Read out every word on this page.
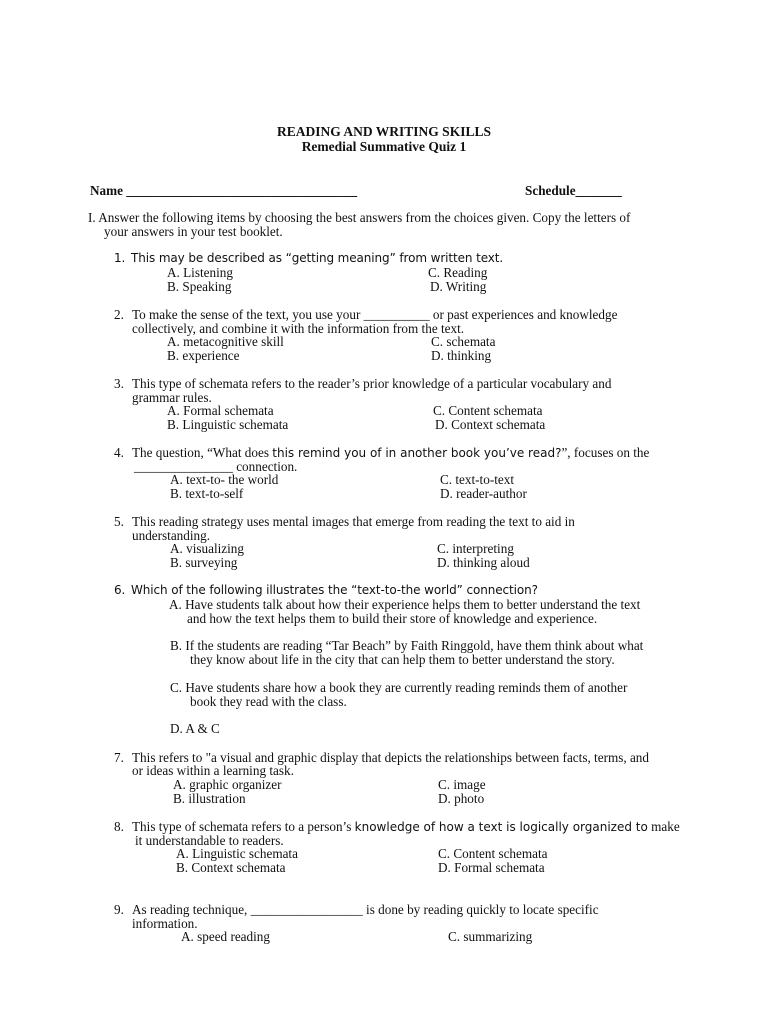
READING AND WRITING SKILLS
Remedial Summative Quiz 1
Name ___________________________________	Schedule_______
I. Answer the following items by choosing the best answers from the choices given. Copy the letters of
your answers in your test booklet.
1. This may be described as “getting meaning” from written text.
A. Listening	C. Reading
B. Speaking	D. Writing
2. To make the sense of the text, you use your __________ or past experiences and knowledge
collectively, and combine it with the information from the text.
A. metacognitive skill	C. schemata
B. experience	D. thinking
3. This type of schemata refers to the reader’s prior knowledge of a particular vocabulary and
grammar rules.
A. Formal schemata	C. Content schemata
B. Linguistic schemata	D. Context schemata
4. The question, “What does this remind you of in another book you’ve read?”, focuses on the
_______________ connection.
A. text-to- the world	C. text-to-text
B. text-to-self	D. reader-author
5. This reading strategy uses mental images that emerge from reading the text to aid in
understanding.
A. visualizing	C. interpreting
B. surveying	D. thinking aloud
6. Which of the following illustrates the “text-to-the world” connection?
A. Have students talk about how their experience helps them to better understand the text
and how the text helps them to build their store of knowledge and experience.
B. If the students are reading “Tar Beach” by Faith Ringgold, have them think about what
they know about life in the city that can help them to better understand the story.
C. Have students share how a book they are currently reading reminds them of another
book they read with the class.
D. A & C
7. This refers to "a visual and graphic display that depicts the relationships between facts, terms, and
or ideas within a learning task.
A. graphic organizer	C. image
B. illustration	D. photo
8. This type of schemata refers to a person’s knowledge of how a text is logically organized to make
it understandable to readers.
A. Linguistic schemata	C. Content schemata
B. Context schemata	D. Formal schemata
9. As reading technique, _________________ is done by reading quickly to locate specific
information.
A. speed reading	C. summarizing
